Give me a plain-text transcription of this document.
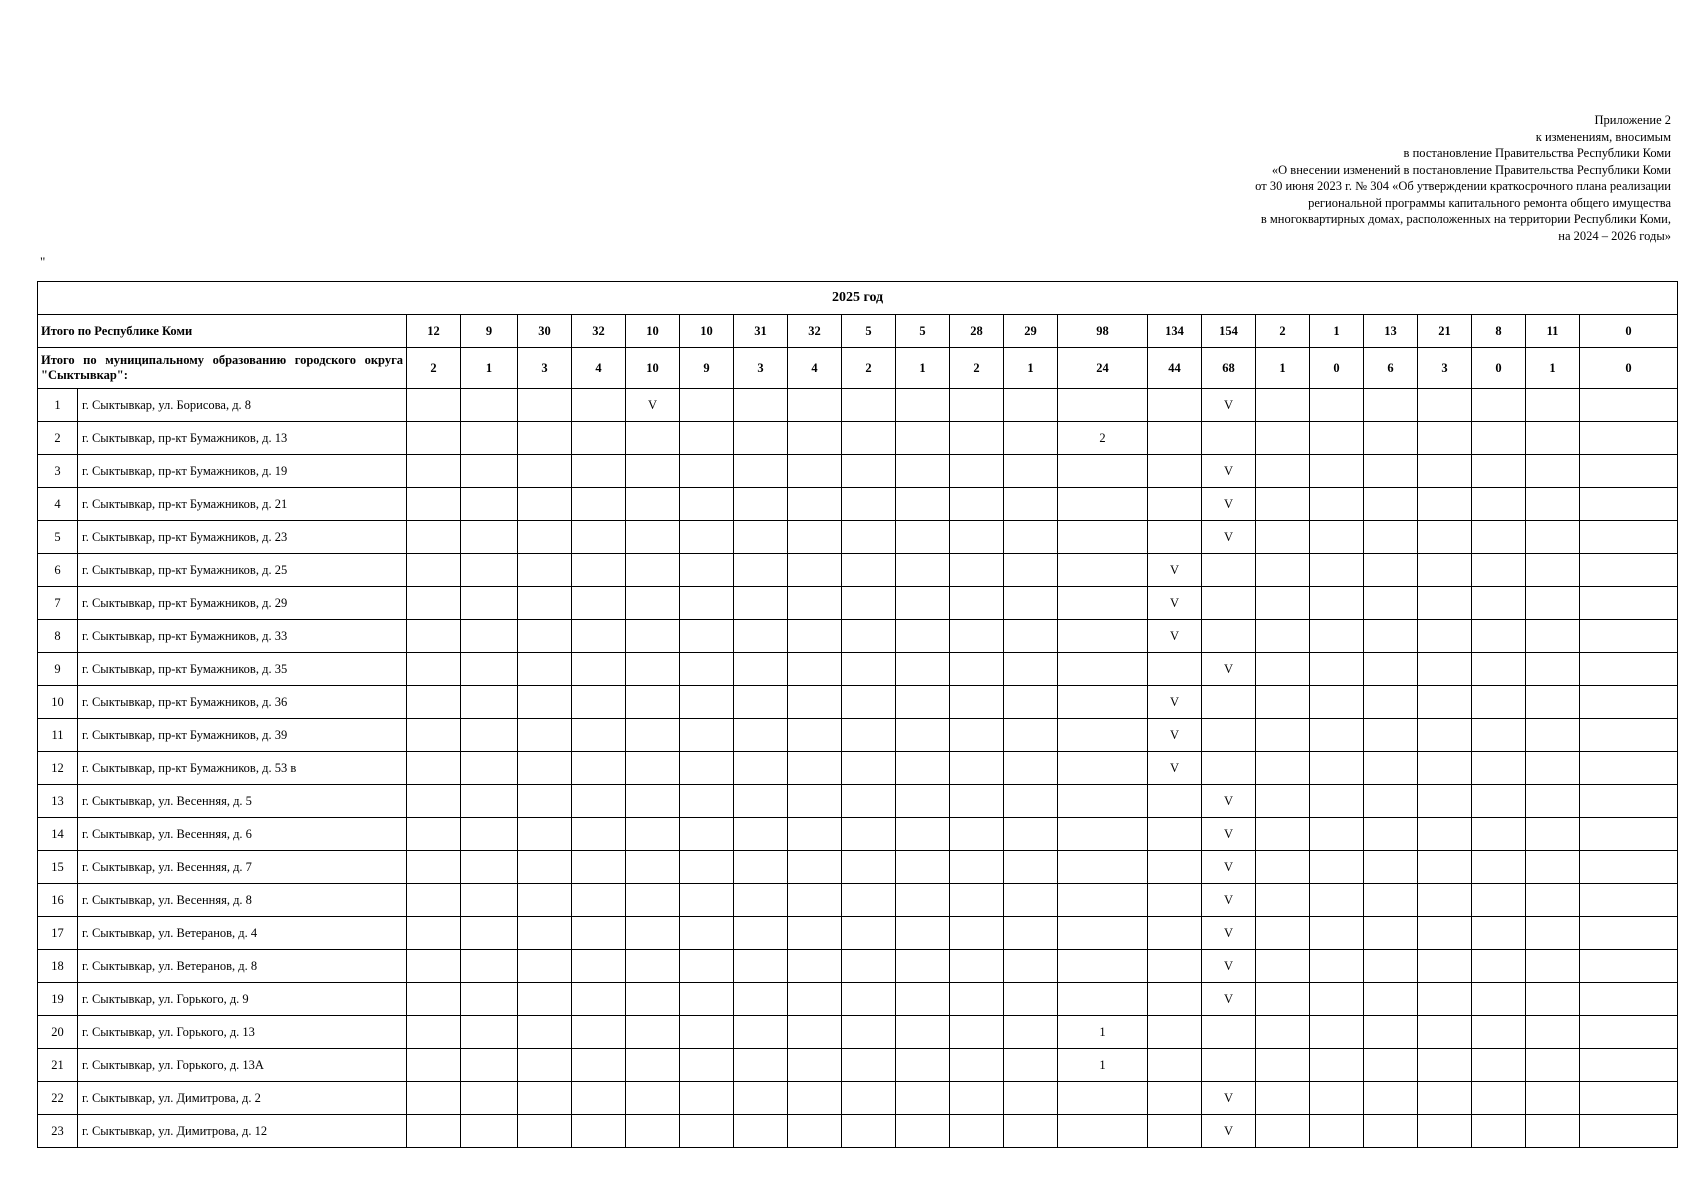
Приложение 2
к изменениям, вносимым
в постановление Правительства Республики Коми
«О внесении изменений в постановление Правительства Республики Коми
от 30 июня 2023 г. № 304 «Об утверждении краткосрочного плана реализации
региональной программы капитального ремонта общего имущества
в многоквартирных домах, расположенных на территории Республики Коми,
на 2024 – 2026 годы»
"
2025 год																							
Итого по Республике Коми		12	9	30	32	10	10	31	32	5	5	28	29	98	134	154	2	1	13	21	8	11	0
Итого по муниципальному образованию городского округа "Сыктывкар":		2	1	3	4	10	9	3	4	2	1	2	1	24	44	68	1	0	6	3	0	1	0
1	г. Сыктывкар, ул. Борисова, д. 8					V										V							
2	г. Сыктывкар, пр-кт Бумажников, д. 13													2									
3	г. Сыктывкар, пр-кт Бумажников, д. 19															V							
4	г. Сыктывкар, пр-кт Бумажников, д. 21															V							
5	г. Сыктывкар, пр-кт Бумажников, д. 23															V							
6	г. Сыктывкар, пр-кт Бумажников, д. 25														V								
7	г. Сыктывкар, пр-кт Бумажников, д. 29														V								
8	г. Сыктывкар, пр-кт Бумажников, д. 33														V								
9	г. Сыктывкар, пр-кт Бумажников, д. 35															V							
10	г. Сыктывкар, пр-кт Бумажников, д. 36														V								
11	г. Сыктывкар, пр-кт Бумажников, д. 39														V								
12	г. Сыктывкар, пр-кт Бумажников, д. 53 в														V								
13	г. Сыктывкар, ул. Весенняя, д. 5															V							
14	г. Сыктывкар, ул. Весенняя, д. 6															V							
15	г. Сыктывкар, ул. Весенняя, д. 7															V							
16	г. Сыктывкар, ул. Весенняя, д. 8															V							
17	г. Сыктывкар, ул. Ветеранов, д. 4															V							
18	г. Сыктывкар, ул. Ветеранов, д. 8															V							
19	г. Сыктывкар, ул. Горького, д. 9															V							
20	г. Сыктывкар, ул. Горького, д. 13													1									
21	г. Сыктывкар, ул. Горького, д. 13А													1									
22	г. Сыктывкар, ул. Димитрова, д. 2															V							
23	г. Сыктывкар, ул. Димитрова, д. 12															V							
